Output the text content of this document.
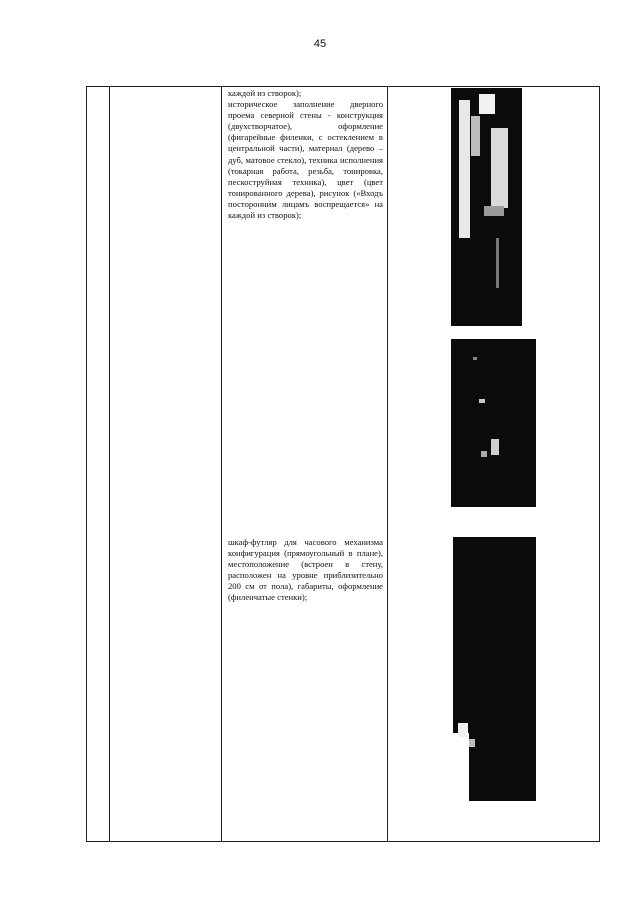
45

каждой из створок);

историческое заполнение дверного проема северной стены - конструкция (двухстворчатое), оформление (фигарейные филенки, с остеклением в центральной части), материал (дерево – дуб, матовое стекло), техника исполнения (токарная работа, резьба, тонировка, пескоструйная техника), цвет (цвет тонированного дерева), рисунок («Входъ посторонним лицамъ воспрещается» на каждой из створок);

шкаф-футляр для часового механизма конфигурация (прямоугольный в плане), местоположение (встроен в стену, расположен на уровне приблизительно 200 см от пола), габариты, оформление (филенчатые стенки);
